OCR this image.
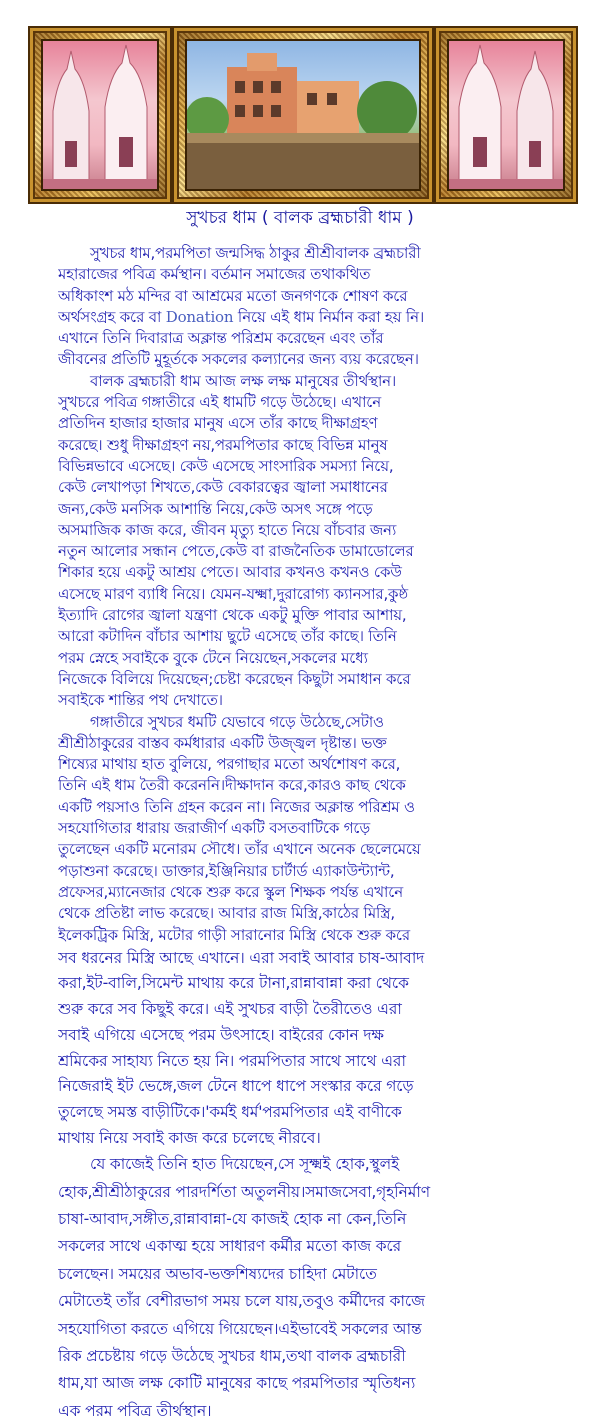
সুখচর ধাম ( বালক ব্রহ্মচারী ধাম )
সুখচর ধাম,পরমপিতা জন্মসিদ্ধ ঠাকুর শ্রীশ্রীবালক ব্রহ্মচারী
মহারাজের পবিত্র কর্মস্থান। বর্তমান সমাজের তথাকথিত
অধিকাংশ মঠ মন্দির বা আশ্রমের মতো জনগণকে শোষণ করে
অর্থসংগ্রহ করে বা Donation নিয়ে এই ধাম নির্মান করা হয় নি।
এখানে তিনি দিবারাত্র অক্লান্ত পরিশ্রম করেছেন এবং তাঁর
জীবনের প্রতিটি মুহূর্তকে সকলের কল্যানের জন্য ব্যয় করেছেন।
বালক ব্রহ্মচারী ধাম আজ লক্ষ লক্ষ মানুষের তীর্থস্থান।
সুখচরে পবিত্র গঙ্গাতীরে এই ধামটি গড়ে উঠেছে। এখানে
প্রতিদিন হাজার হাজার মানুষ এসে তাঁর কাছে দীক্ষাগ্রহণ
করেছে। শুধু দীক্ষাগ্রহণ নয়,পরমপিতার কাছে বিভিন্ন মানুষ
বিভিন্নভাবে এসেছে। কেউ এসেছে সাংসারিক সমস্যা নিয়ে,
কেউ লেখাপড়া শিখতে,কেউ বেকারত্বের জ্বালা সমাধানের
জন্য,কেউ মনসিক আশান্তি নিয়ে,কেউ অসৎ সঙ্গে পড়ে
অসমাজিক কাজ করে, জীবন মৃত্যু হাতে নিয়ে বাঁচবার জন্য
নতুন আলোর সন্ধান পেতে,কেউ বা রাজনৈতিক ডামাডোলের
শিকার হয়ে একটু আশ্রয় পেতে। আবার কখনও কখনও কেউ
এসেছে মারণ ব্যাধি নিয়ে। যেমন-যক্ষ্মা,দুরারোগ্য ক্যানসার,কুষ্ঠ
ইত্যাদি রোগের জ্বালা যন্ত্রণা থেকে একটু মুক্তি পাবার আশায়,
আরো কটাদিন বাঁচার আশায় ছুটে এসেছে তাঁর কাছে। তিনি
পরম স্নেহে সবাইকে বুকে টেনে নিয়েছেন,সকলের মধ্যে
নিজেকে বিলিয়ে দিয়েছেন;চেষ্টা করেছেন কিছুটা সমাধান করে
সবাইকে শান্তির পথ দেখাতে।
গঙ্গাতীরে সুখচর ধমটি যেভাবে গড়ে উঠেছে,সেটাও
শ্রীশ্রীঠাকুরের বাস্তব কর্মধারার একটি উজ্জ্বল দৃষ্টান্ত। ভক্ত
শিষ্যের মাথায় হাত বুলিয়ে, পরগাছার মতো অর্থশোষণ করে,
তিনি এই ধাম তৈরী করেননি।দীক্ষাদান করে,কারও কাছ থেকে
একটি পয়সাও তিনি গ্রহন করেন না। নিজের অক্লান্ত পরিশ্রম ও
সহযোগিতার ধারায় জরাজীর্ণ একটি বসতবাটিকে গড়ে
তুলেছেন একটি মনোরম সৌধে। তাঁর এখানে অনেক ছেলেমেয়ে
পড়াশুনা করেছে। ডাক্তার,ইঞ্জিনিয়ার চার্টার্ড এ্যাকাউন্ট্যান্ট,
প্রফেসর,ম্যানেজার থেকে শুরু করে স্কুল শিক্ষক পর্যন্ত এখানে
থেকে প্রতিষ্টা লাভ করেছে। আবার রাজ মিস্ত্রি,কাঠের মিস্ত্রি,
ইলেকট্রিক মিস্ত্রি, মটোর গাড়ী সারানোর মিস্ত্রি থেকে শুরু করে
সব ধরনের মিস্ত্রি আছে এখানে। এরা সবাই আবার চাষ-আবাদ
করা,ইট-বালি,সিমেন্ট মাথায় করে টানা,রান্নাবান্না করা থেকে
শুরু করে সব কিছুই করে। এই সুখচর বাড়ী তৈরীতেও এরা
সবাই এগিয়ে এসেছে পরম উৎসাহে। বাইরের কোন দক্ষ
শ্রমিকের সাহায্য নিতে হয় নি। পরমপিতার সাথে সাথে এরা
নিজেরাই ইট ভেঙ্গে,জল টেনে ধাপে ধাপে সংস্কার করে গড়ে
তুলেছে সমস্ত বাড়ীটিকে।'কর্মই ধর্ম'পরমপিতার এই বাণীকে
মাথায় নিয়ে সবাই কাজ করে চলেছে নীরবে।
যে কাজেই তিনি হাত দিয়েছেন,সে সূক্ষ্মই হোক,স্থুলই
হোক,শ্রীশ্রীঠাকুরের পারদর্শিতা অতুলনীয়।সমাজসেবা,গৃহনির্মাণ
চাষা-আবাদ,সঙ্গীত,রান্নাবান্না-যে কাজই হোক না কেন,তিনি
সকলের সাথে একাত্ম হয়ে সাধারণ কর্মীর মতো কাজ করে
চলেছেন। সময়ের অভাব-ভক্তশিষ্যদের চাহিদা মেটাতে
মেটাতেই তাঁর বেশীরভাগ সময় চলে যায়,তবুও কর্মীদের কাজে
সহযোগিতা করতে এগিয়ে গিয়েছেন।এইভাবেই সকলের আন্ত
রিক প্রচেষ্টায় গড়ে উঠেছে সুখচর ধাম,তথা বালক ব্রহ্মচারী
ধাম,যা আজ লক্ষ কোটি মানুষের কাছে পরমপিতার স্মৃতিধন্য
এক পরম পবিত্র তীর্থস্থান।
